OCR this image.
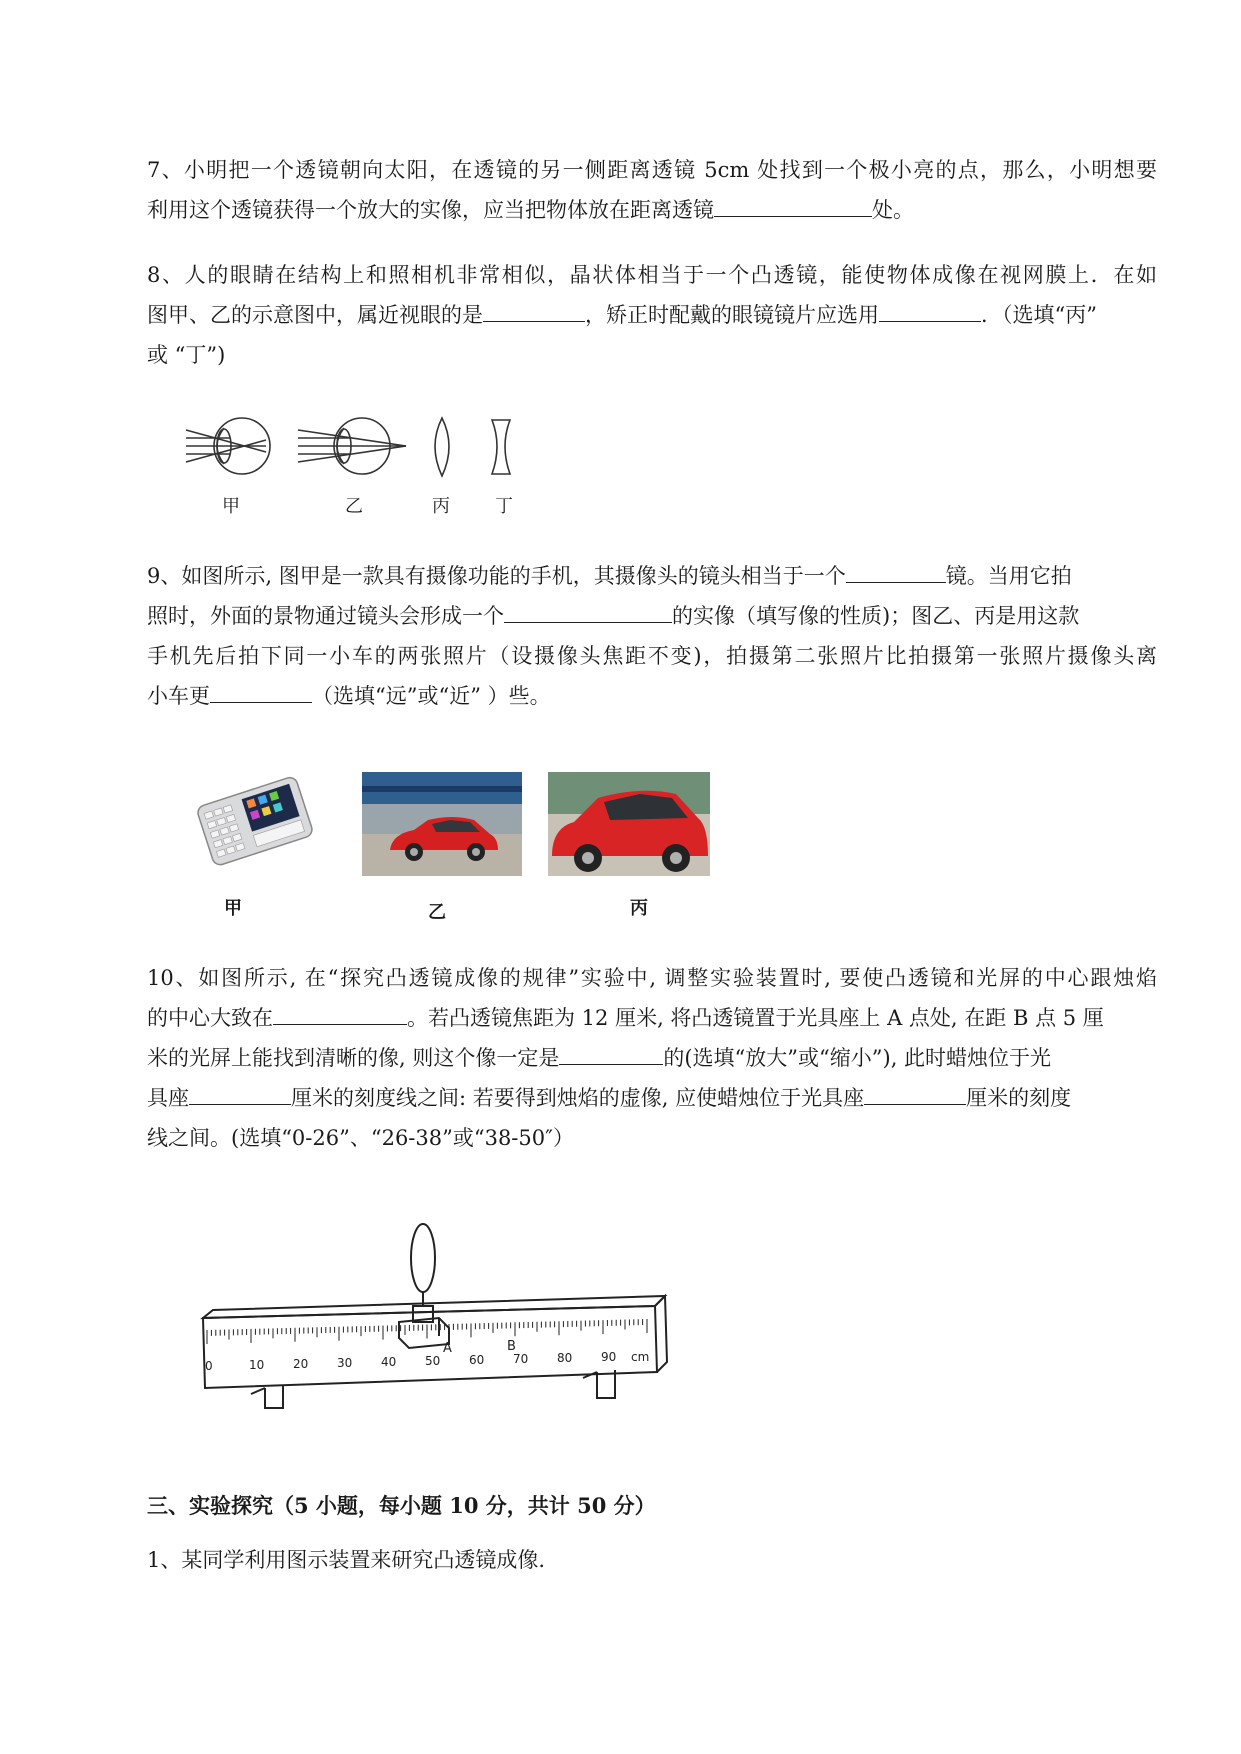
7、小明把一个透镜朝向太阳，在透镜的另一侧距离透镜 5cm 处找到一个极小亮的点，那么，小明想要
利用这个透镜获得一个放大的实像，应当把物体放在距离透镜	处。
8、人的眼睛在结构上和照相机非常相似，晶状体相当于一个凸透镜，能使物体成像在视网膜上．在如
图甲、乙的示意图中，属近视眼的是	，矫正时配戴的眼镜镜片应选用	．（选填“丙”
或 “丁”)
甲	乙	丙	丁
9、如图所示, 图甲是一款具有摄像功能的手机，其摄像头的镜头相当于一个	镜。当用它拍
照时，外面的景物通过镜头会形成一个	的实像（填写像的性质)；图乙、丙是用这款
手机先后拍下同一小车的两张照片（设摄像头焦距不变)，拍摄第二张照片比拍摄第一张照片摄像头离
小车更	（选填“远”或“近” ）些。
甲	乙	丙
10、如图所示, 在“探究凸透镜成像的规律”实验中, 调整实验装置时, 要使凸透镜和光屏的中心跟烛焰
的中心大致在	。若凸透镜焦距为 12 厘米, 将凸透镜置于光具座上 A 点处, 在距 B 点 5 厘
米的光屏上能找到清晰的像, 则这个像一定是	的(选填“放大”或“缩小”), 此时蜡烛位于光
具座	厘米的刻度线之间: 若要得到烛焰的虚像, 应使蜡烛位于光具座	厘米的刻度
线之间。(选填“0-26”、“26-38”或“38-50″）
0	10 20 30 40 50 60 70 80 90 cm
A	B
三、实验探究（5 小题，每小题 10 分，共计 50 分）
1、某同学利用图示装置来研究凸透镜成像.
